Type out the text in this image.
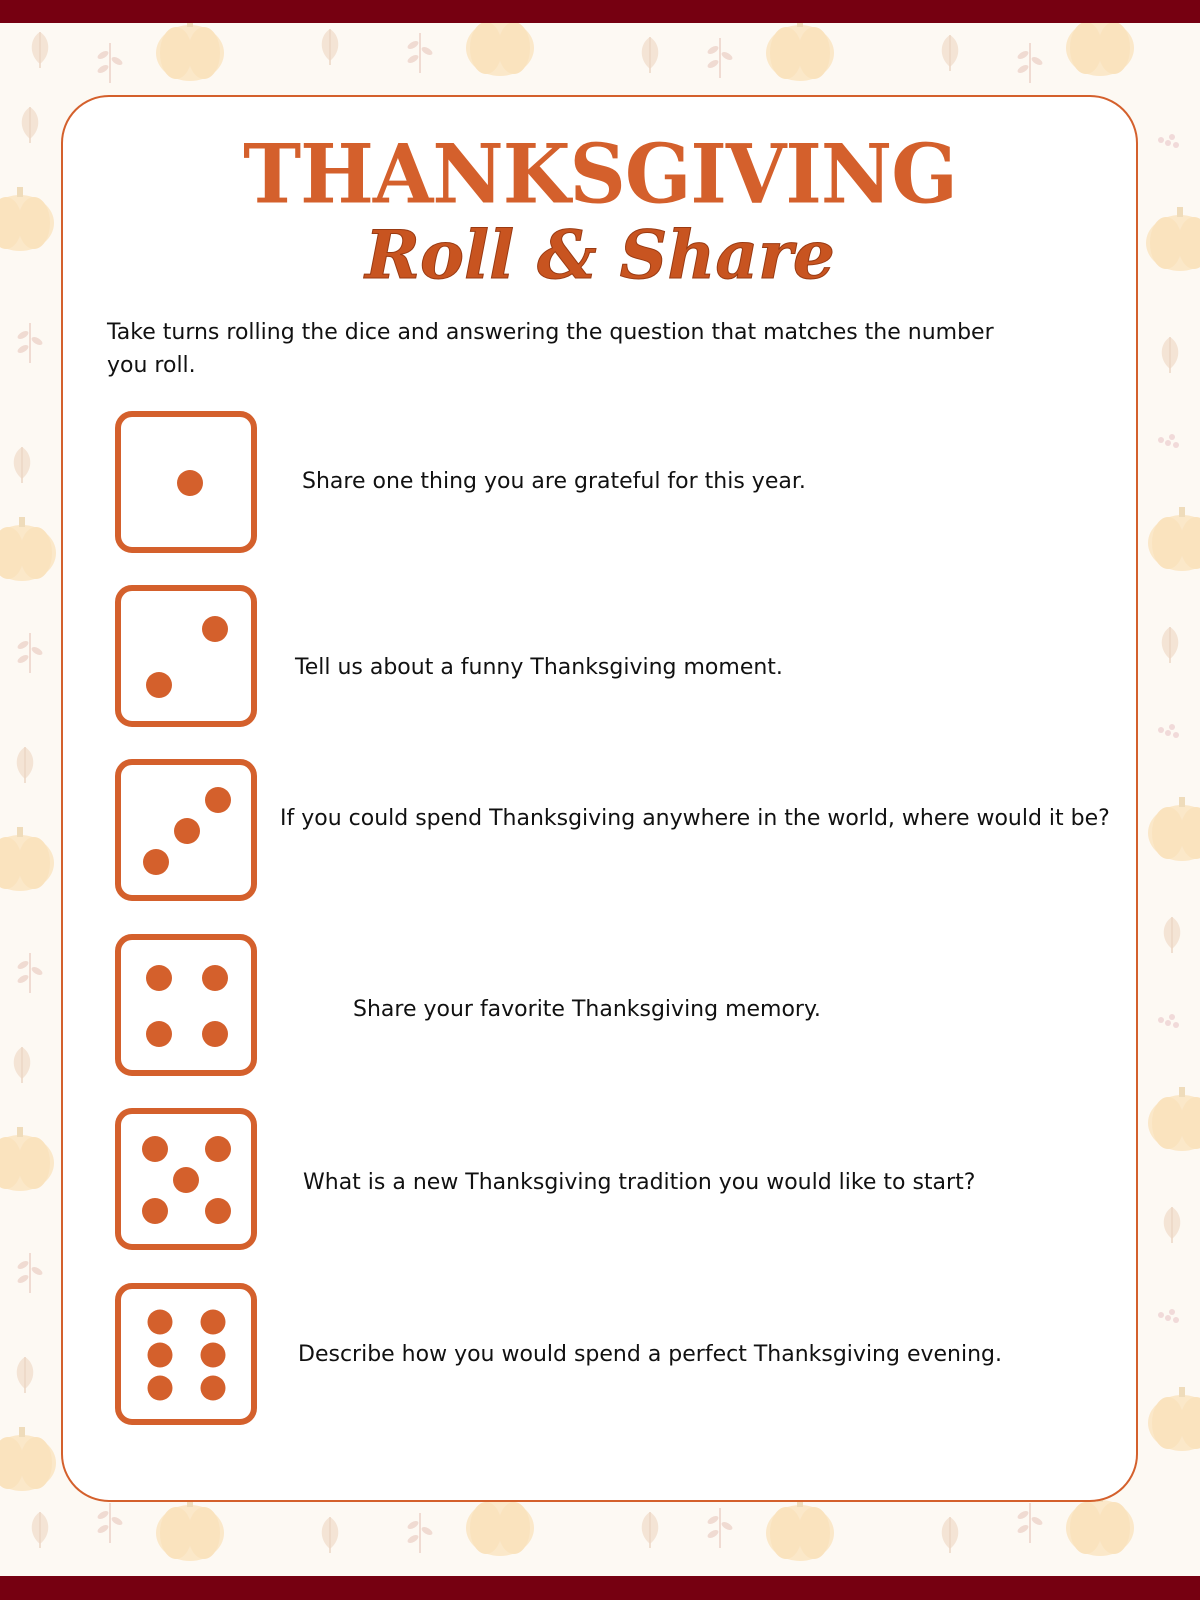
THANKSGIVING
Roll & Share
Take turns rolling the dice and answering the question that matches the number you roll.
Share one thing you are grateful for this year.
Tell us about a funny Thanksgiving moment.
If you could spend Thanksgiving anywhere in the world, where would it be?
Share your favorite Thanksgiving memory.
What is a new Thanksgiving tradition you would like to start?
Describe how you would spend a perfect Thanksgiving evening.
